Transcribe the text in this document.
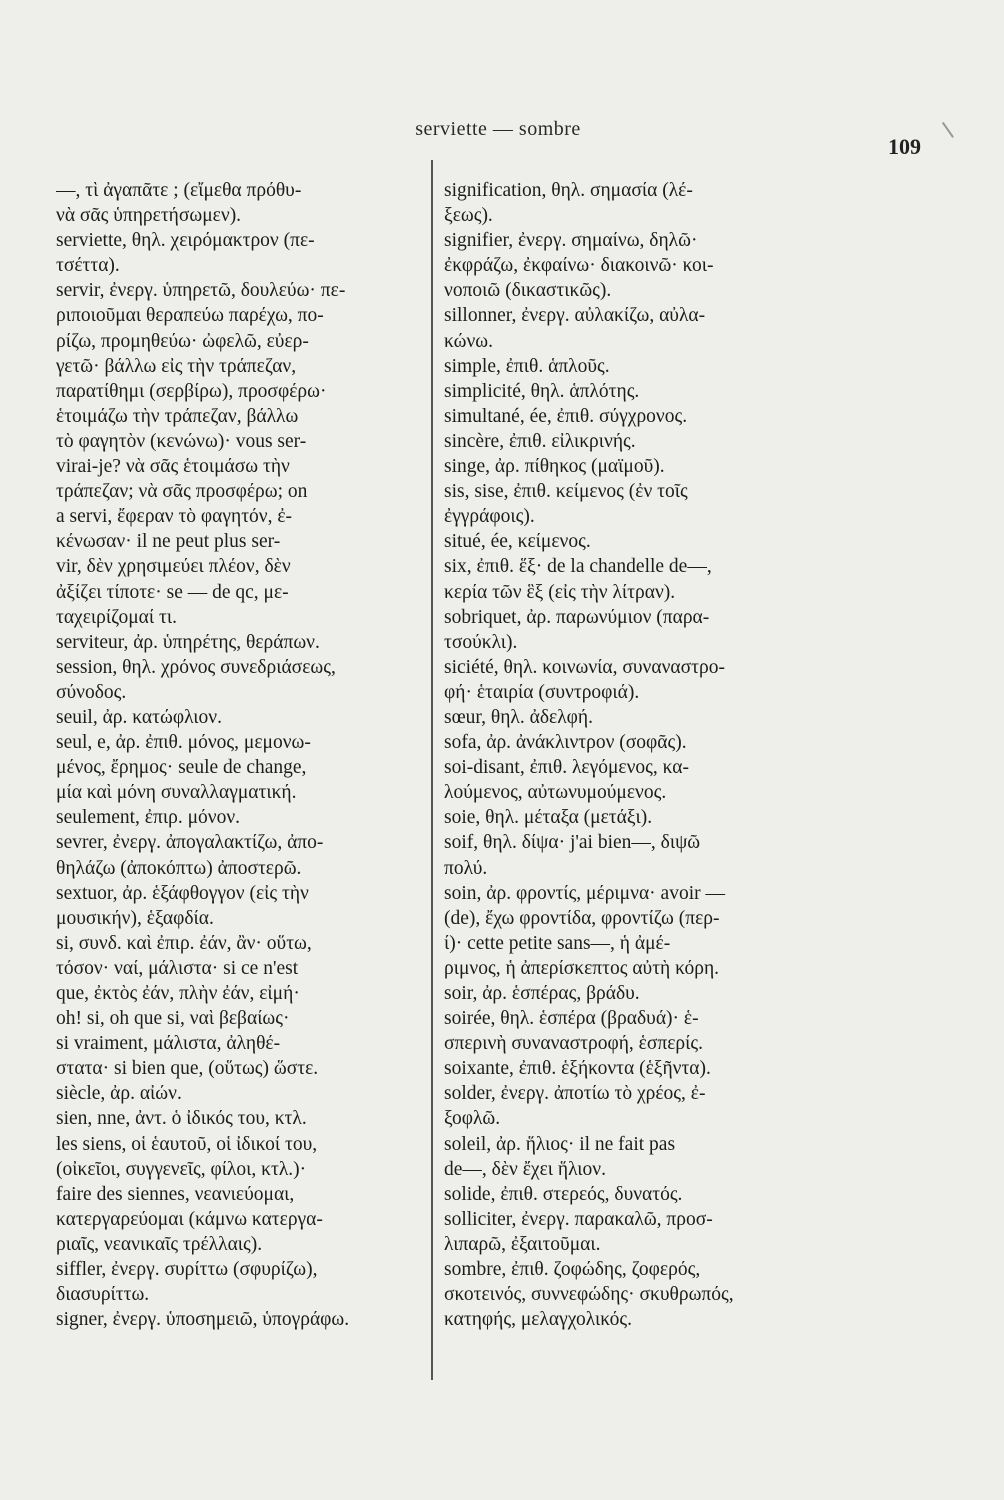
serviette — sombre
109
—, τὶ ἀγαπᾶτε ; (εἴμεθα πρόθυ-
νὰ σᾶς ὑπηρετήσωμεν).
serviette, θηλ. χειρόμακτρον (πε-
τσέττα).
servir, ἐνεργ. ὑπηρετῶ, δουλεύω· πε-
ριποιοῦμαι θεραπεύω παρέχω, πο-
ρίζω, προμηθεύω· ὠφελῶ, εὐερ-
γετῶ· βάλλω εἰς τὴν τράπεζαν,
παρατίθημι (σερβίρω), προσφέρω·
ἑτοιμάζω τὴν τράπεζαν, βάλλω
τὸ φαγητὸν (κενώνω)· vous ser-
virai-je? νὰ σᾶς ἑτοιμάσω τὴν
τράπεζαν; νὰ σᾶς προσφέρω; on
a servi, ἔφεραν τὸ φαγητόν, ἐ-
κένωσαν· il ne peut plus ser-
vir, δὲν χρησιμεύει πλέον, δὲν
ἀξίζει τίποτε· se — de qc, με-
ταχειρίζομαί τι.
serviteur, ἀρ. ὑπηρέτης, θεράπων.
session, θηλ. χρόνος συνεδριάσεως,
σύνοδος.
seuil, ἀρ. κατώφλιον.
seul, e, ἀρ. ἐπιθ. μόνος, μεμονω-
μένος, ἔρημος· seule de change,
μία καὶ μόνη συναλλαγματική.
seulement, ἐπιρ. μόνον.
sevrer, ἐνεργ. ἀπογαλακτίζω, ἀπο-
θηλάζω (ἀποκόπτω) ἀποστερῶ.
sextuor, ἀρ. ἑξάφθογγον (εἰς τὴν
μουσικήν), ἑξαφδία.
si, συνδ. καὶ ἐπιρ. ἐάν, ἂν· οὕτω,
τόσον· ναί, μάλιστα· si ce n'est
que, ἐκτὸς ἐάν, πλὴν ἐάν, εἰμή·
oh! si, oh que si, ναὶ βεβαίως·
si vraiment, μάλιστα, ἀληθέ-
στατα· si bien que, (οὕτως) ὥστε.
siècle, ἀρ. αἰών.
sien, nne, ἀντ. ὁ ἰδικός του, κτλ.
les siens, οἱ ἑαυτοῦ, οἱ ἰδικοί του,
(οἰκεῖοι, συγγενεῖς, φίλοι, κτλ.)·
faire des siennes, νεανιεύομαι,
κατεργαρεύομαι (κάμνω κατεργα-
ριαῖς, νεανικαῖς τρέλλαις).
siffler, ἐνεργ. συρίττω (σφυρίζω),
διασυρίττω.
signer, ἐνεργ. ὑποσημειῶ, ὑπογράφω.
signification, θηλ. σημασία (λέ-
ξεως).
signifier, ἐνεργ. σημαίνω, δηλῶ·
ἐκφράζω, ἐκφαίνω· διακοινῶ· κοι-
νοποιῶ (δικαστικῶς).
sillonner, ἐνεργ. αὐλακίζω, αὐλα-
κώνω.
simple, ἐπιθ. ἁπλοῦς.
simplicité, θηλ. ἁπλότης.
simultané, ée, ἐπιθ. σύγχρονος.
sincère, ἐπιθ. εἰλικρινής.
singe, ἀρ. πίθηκος (μαϊμοῦ).
sis, sise, ἐπιθ. κείμενος (ἐν τοῖς
ἐγγράφοις).
situé, ée, κείμενος.
six, ἐπιθ. ἕξ· de la chandelle de—,
κερία τῶν ἓξ (εἰς τὴν λίτραν).
sobriquet, ἀρ. παρωνύμιον (παρα-
τσούκλι).
siciété, θηλ. κοινωνία, συναναστρο-
φή· ἑταιρία (συντροφιά).
sœur, θηλ. ἀδελφή.
sofa, ἀρ. ἀνάκλιντρον (σοφᾶς).
soi-disant, ἐπιθ. λεγόμενος, κα-
λούμενος, αὐτωνυμούμενος.
soie, θηλ. μέταξα (μετάξι).
soif, θηλ. δίψα· j'ai bien—, διψῶ
πολύ.
soin, ἀρ. φροντίς, μέριμνα· avoir —
(de), ἔχω φροντίδα, φροντίζω (περ-
ί)· cette petite sans—, ἡ ἀμέ-
ριμνος, ἡ ἀπερίσκεπτος αὐτὴ κόρη.
soir, ἀρ. ἑσπέρας, βράδυ.
soirée, θηλ. ἑσπέρα (βραδυά)· ἑ-
σπερινὴ συναναστροφή, ἑσπερίς.
soixante, ἐπιθ. ἑξήκοντα (ἑξῆντα).
solder, ἐνεργ. ἀποτίω τὸ χρέος, ἐ-
ξοφλῶ.
soleil, ἀρ. ἥλιος· il ne fait pas
de—, δὲν ἔχει ἥλιον.
solide, ἐπιθ. στερεός, δυνατός.
solliciter, ἐνεργ. παρακαλῶ, προσ-
λιπαρῶ, ἐξαιτοῦμαι.
sombre, ἐπιθ. ζοφώδης, ζοφερός,
σκοτεινός, συννεφώδης· σκυθρωπός,
κατηφής, μελαγχολικός.
